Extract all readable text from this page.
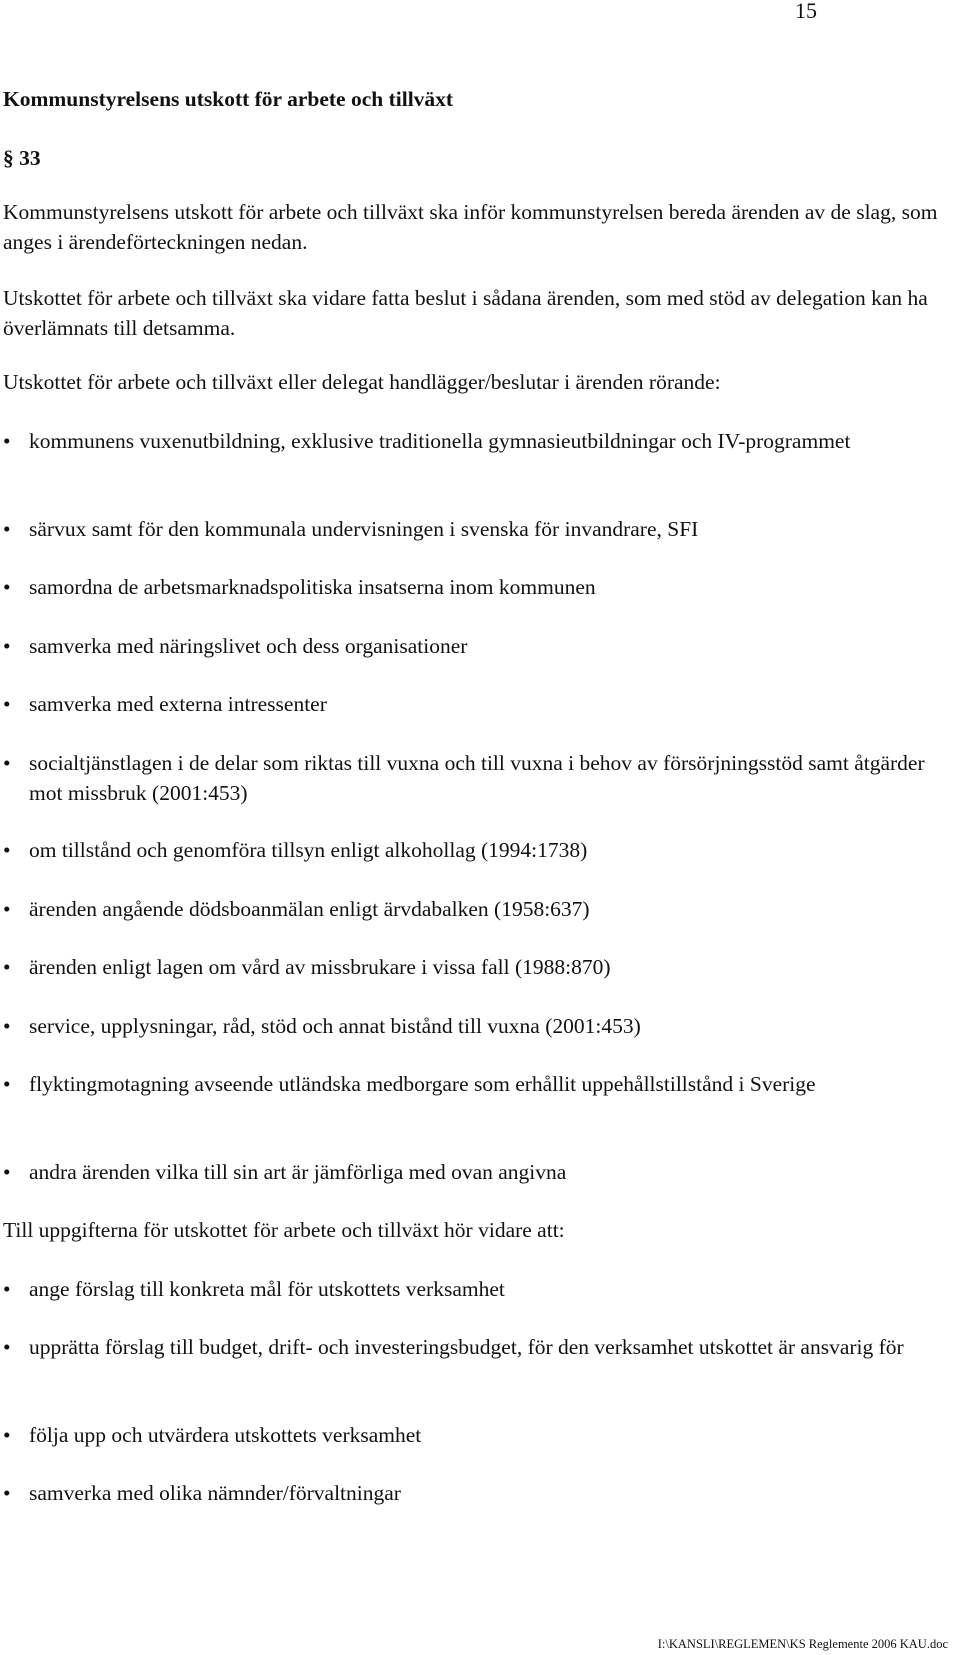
15
Kommunstyrelsens utskott för arbete och tillväxt
§ 33

Kommunstyrelsens utskott för arbete och tillväxt ska inför kommunstyrelsen bereda ärenden av de slag, som anges i ärendeförteckningen nedan.

Utskottet för arbete och tillväxt ska vidare fatta beslut i sådana ärenden, som med stöd av delegation kan ha överlämnats till detsamma.

Utskottet för arbete och tillväxt eller delegat handlägger/beslutar i ärenden rörande:

• kommunens vuxenutbildning, exklusive traditionella gymnasieutbildningar och IV-programmet
• särvux samt för den kommunala undervisningen i svenska för invandrare, SFI
• samordna de arbetsmarknadspolitiska insatserna inom kommunen
• samverka med näringslivet och dess organisationer
• samverka med externa intressenter
• socialtjänstlagen i de delar som riktas till vuxna och till vuxna i behov av försörjningsstöd samt åtgärder mot missbruk (2001:453)
• om tillstånd och genomföra tillsyn enligt alkohollag (1994:1738)
• ärenden angående dödsboanmälan enligt ärvdabalken (1958:637)
• ärenden enligt lagen om vård av missbrukare i vissa fall (1988:870)
• service, upplysningar, råd, stöd och annat bistånd till vuxna (2001:453)
• flyktingmotagning avseende utländska medborgare som erhållit uppehållstillstånd i Sverige
• andra ärenden vilka till sin art är jämförliga med ovan angivna

Till uppgifterna för utskottet för arbete och tillväxt hör vidare att:

• ange förslag till konkreta mål för utskottets verksamhet
• upprätta förslag till budget, drift- och investeringsbudget, för den verksamhet utskottet är ansvarig för
• följa upp och utvärdera utskottets verksamhet
• samverka med olika nämnder/förvaltningar
I:\KANSLI\REGLEMEN\KS Reglemente 2006 KAU.doc
